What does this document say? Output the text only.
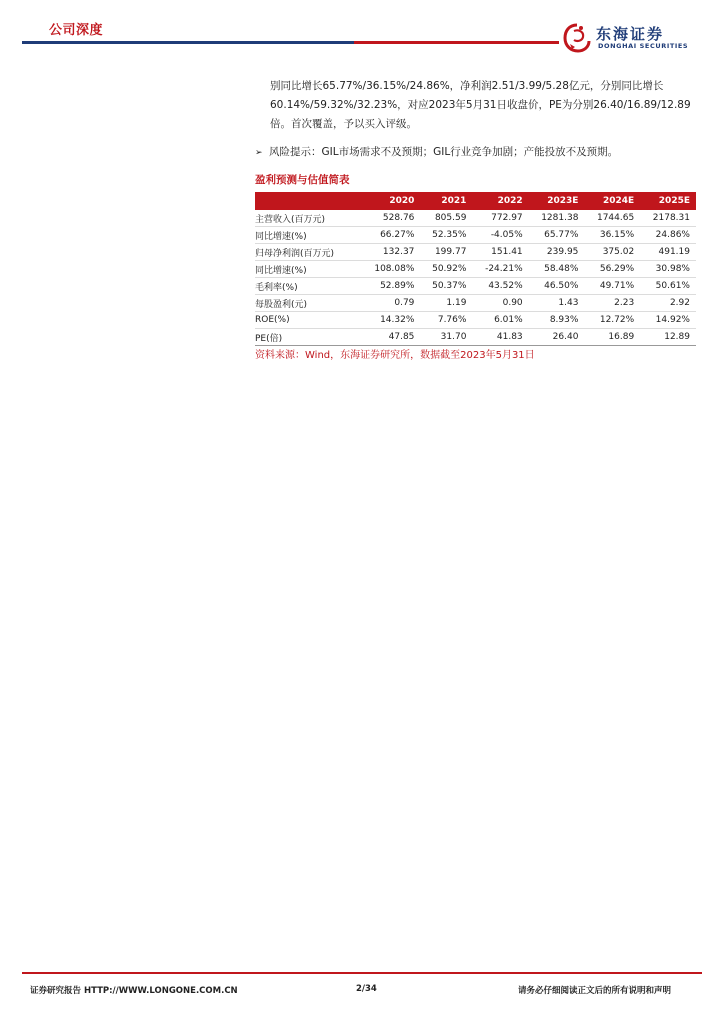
公司深度	东海证券
DONGHAI SECURITIES
别同比增长65.77%/36.15%/24.86%，净利润2.51/3.99/5.28亿元，分别同比增长60.14%/59.32%/32.23%，对应2023年5月31日收盘价，PE为分别26.40/16.89/12.89倍。首次覆盖，予以买入评级。
➢ 风险提示：GIL市场需求不及预期；GIL行业竞争加剧；产能投放不及预期。
盈利预测与估值简表
	2020	2021	2022	2023E	2024E	2025E
主营收入(百万元)	528.76	805.59	772.97	1281.38	1744.65	2178.31
同比增速(%)	66.27%	52.35%	-4.05%	65.77%	36.15%	24.86%
归母净利润(百万元)	132.37	199.77	151.41	239.95	375.02	491.19
同比增速(%)	108.08%	50.92%	-24.21%	58.48%	56.29%	30.98%
毛利率(%)	52.89%	50.37%	43.52%	46.50%	49.71%	50.61%
每股盈利(元)	0.79	1.19	0.90	1.43	2.23	2.92
ROE(%)	14.32%	7.76%	6.01%	8.93%	12.72%	14.92%
PE(倍)	47.85	31.70	41.83	26.40	16.89	12.89
资料来源：Wind，东海证券研究所，数据截至2023年5月31日
证券研究报告 HTTP://WWW.LONGONE.COM.CN	2/34	请务必仔细阅读正文后的所有说明和声明
